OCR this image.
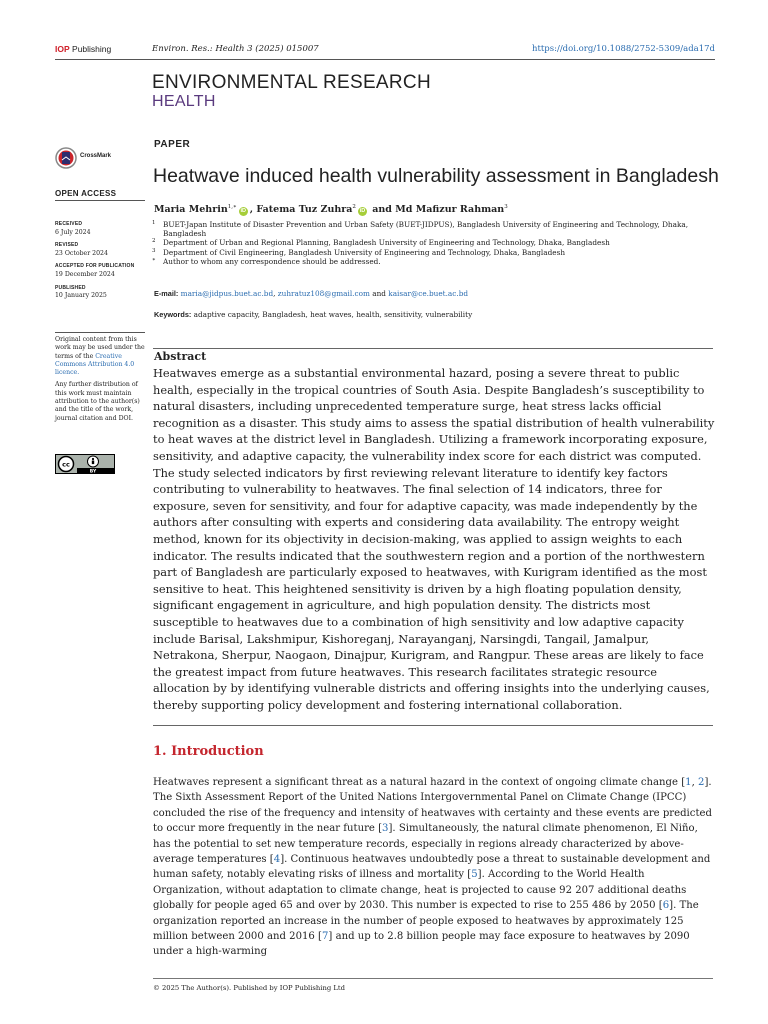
IOP Publishing	Environ. Res.: Health 3 (2025) 015007	https://doi.org/10.1088/2752-5309/ada17d
ENVIRONMENTAL RESEARCH
HEALTH
PAPER
CrossMark
OPEN ACCESS
RECEIVED
6 July 2024
REVISED
23 October 2024
ACCEPTED FOR PUBLICATION
19 December 2024
PUBLISHED
10 January 2025

Original content from this work may be used under the terms of the Creative Commons Attribution 4.0 licence.

Any further distribution of this work must maintain attribution to the author(s) and the title of the work, journal citation and DOI.

cc
BY
Heatwave induced health vulnerability assessment in Bangladesh
Maria Mehrin$^{1,∗}$iD , Fatema Tuz Zuhra$^2$iD and Md Mafizur Rahman$^3$
1 BUET-Japan Institute of Disaster Prevention and Urban Safety (BUET-JIDPUS), Bangladesh University of Engineering and Technology, Dhaka, Bangladesh
2 Department of Urban and Regional Planning, Bangladesh University of Engineering and Technology, Dhaka, Bangladesh
3 Department of Civil Engineering, Bangladesh University of Engineering and Technology, Dhaka, Bangladesh
∗ Author to whom any correspondence should be addressed.
E-mail: maria@jidpus.buet.ac.bd, zuhratuz108@gmail.com and kaisar@ce.buet.ac.bd
Keywords: adaptive capacity, Bangladesh, heat waves, health, sensitivity, vulnerability
Abstract
Heatwaves emerge as a substantial environmental hazard, posing a severe threat to public health, especially in the tropical countries of South Asia. Despite Bangladesh’s susceptibility to natural disasters, including unprecedented temperature surge, heat stress lacks official recognition as a disaster. This study aims to assess the spatial distribution of health vulnerability to heat waves at the district level in Bangladesh. Utilizing a framework incorporating exposure, sensitivity, and adaptive capacity, the vulnerability index score for each district was computed. The study selected indicators by first reviewing relevant literature to identify key factors contributing to vulnerability to heatwaves. The final selection of 14 indicators, three for exposure, seven for sensitivity, and four for adaptive capacity, was made independently by the authors after consulting with experts and considering data availability. The entropy weight method, known for its objectivity in decision-making, was applied to assign weights to each indicator. The results indicated that the southwestern region and a portion of the northwestern part of Bangladesh are particularly exposed to heatwaves, with Kurigram identified as the most sensitive to heat. This heightened sensitivity is driven by a high floating population density, significant engagement in agriculture, and high population density. The districts most susceptible to heatwaves due to a combination of high sensitivity and low adaptive capacity include Barisal, Lakshmipur, Kishoreganj, Narayanganj, Narsingdi, Tangail, Jamalpur, Netrakona, Sherpur, Naogaon, Dinajpur, Kurigram, and Rangpur. These areas are likely to face the greatest impact from future heatwaves. This research facilitates strategic resource allocation by by identifying vulnerable districts and offering insights into the underlying causes, thereby supporting policy development and fostering international collaboration.
1. Introduction
Heatwaves represent a significant threat as a natural hazard in the context of ongoing climate change [1, 2]. The Sixth Assessment Report of the United Nations Intergovernmental Panel on Climate Change (IPCC) concluded the rise of the frequency and intensity of heatwaves with certainty and these events are predicted to occur more frequently in the near future [3]. Simultaneously, the natural climate phenomenon, El Niño, has the potential to set new temperature records, especially in regions already characterized by above-average temperatures [4]. Continuous heatwaves undoubtedly pose a threat to sustainable development and human safety, notably elevating risks of illness and mortality [5]. According to the World Health Organization, without adaptation to climate change, heat is projected to cause 92 207 additional deaths globally for people aged 65 and over by 2030. This number is expected to rise to 255 486 by 2050 [6]. The organization reported an increase in the number of people exposed to heatwaves by approximately 125 million between 2000 and 2016 [7] and up to 2.8 billion people may face exposure to heatwaves by 2090 under a high-warming
© 2025 The Author(s). Published by IOP Publishing Ltd
